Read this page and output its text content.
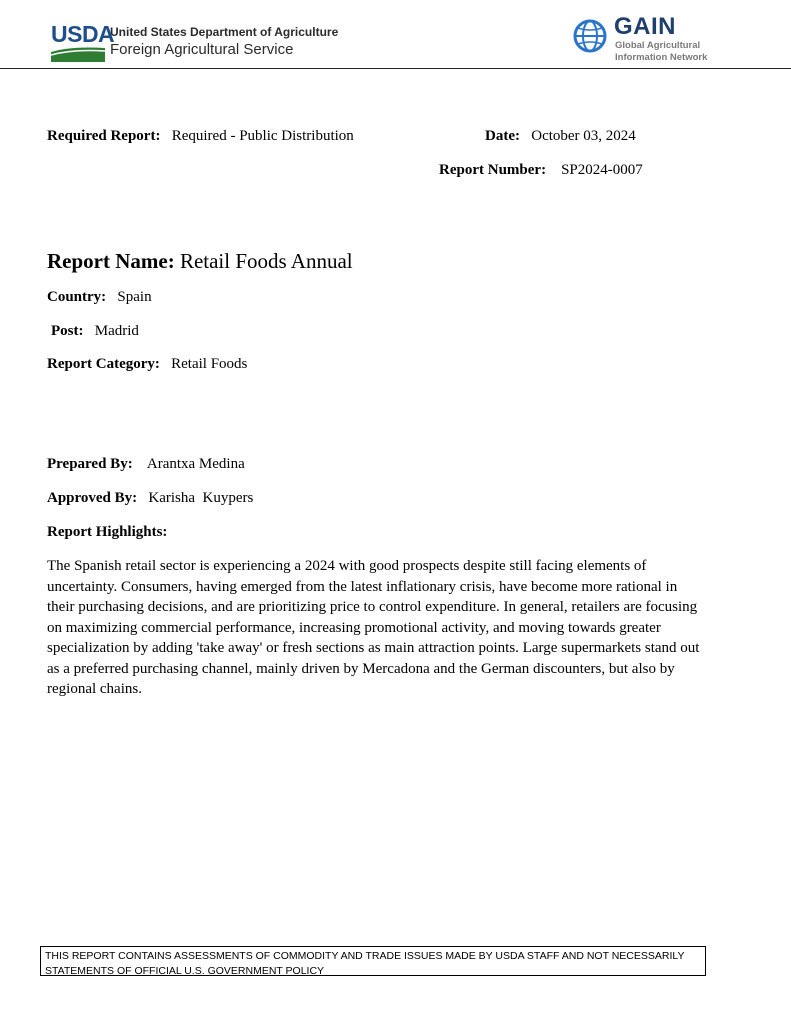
USDA
United States Department of Agriculture
Foreign Agricultural Service
GAIN
Global Agricultural
Information Network
Required Report: Required - Public Distribution	Date: October 03, 2024
Report Number: SP2024-0007
Report Name: Retail Foods Annual
Country: Spain
Post: Madrid
Report Category: Retail Foods
Prepared By: Arantxa Medina
Approved By: Karisha  Kuypers
Report Highlights:
The Spanish retail sector is experiencing a 2024 with good prospects despite still facing elements of uncertainty. Consumers, having emerged from the latest inflationary crisis, have become more rational in their purchasing decisions, and are prioritizing price to control expenditure. In general, retailers are focusing on maximizing commercial performance, increasing promotional activity, and moving towards greater specialization by adding 'take away' or fresh sections as main attraction points. Large supermarkets stand out as a preferred purchasing channel, mainly driven by Mercadona and the German discounters, but also by regional chains.
THIS REPORT CONTAINS ASSESSMENTS OF COMMODITY AND TRADE ISSUES MADE BY USDA STAFF AND NOT NECESSARILY STATEMENTS OF OFFICIAL U.S. GOVERNMENT POLICY
